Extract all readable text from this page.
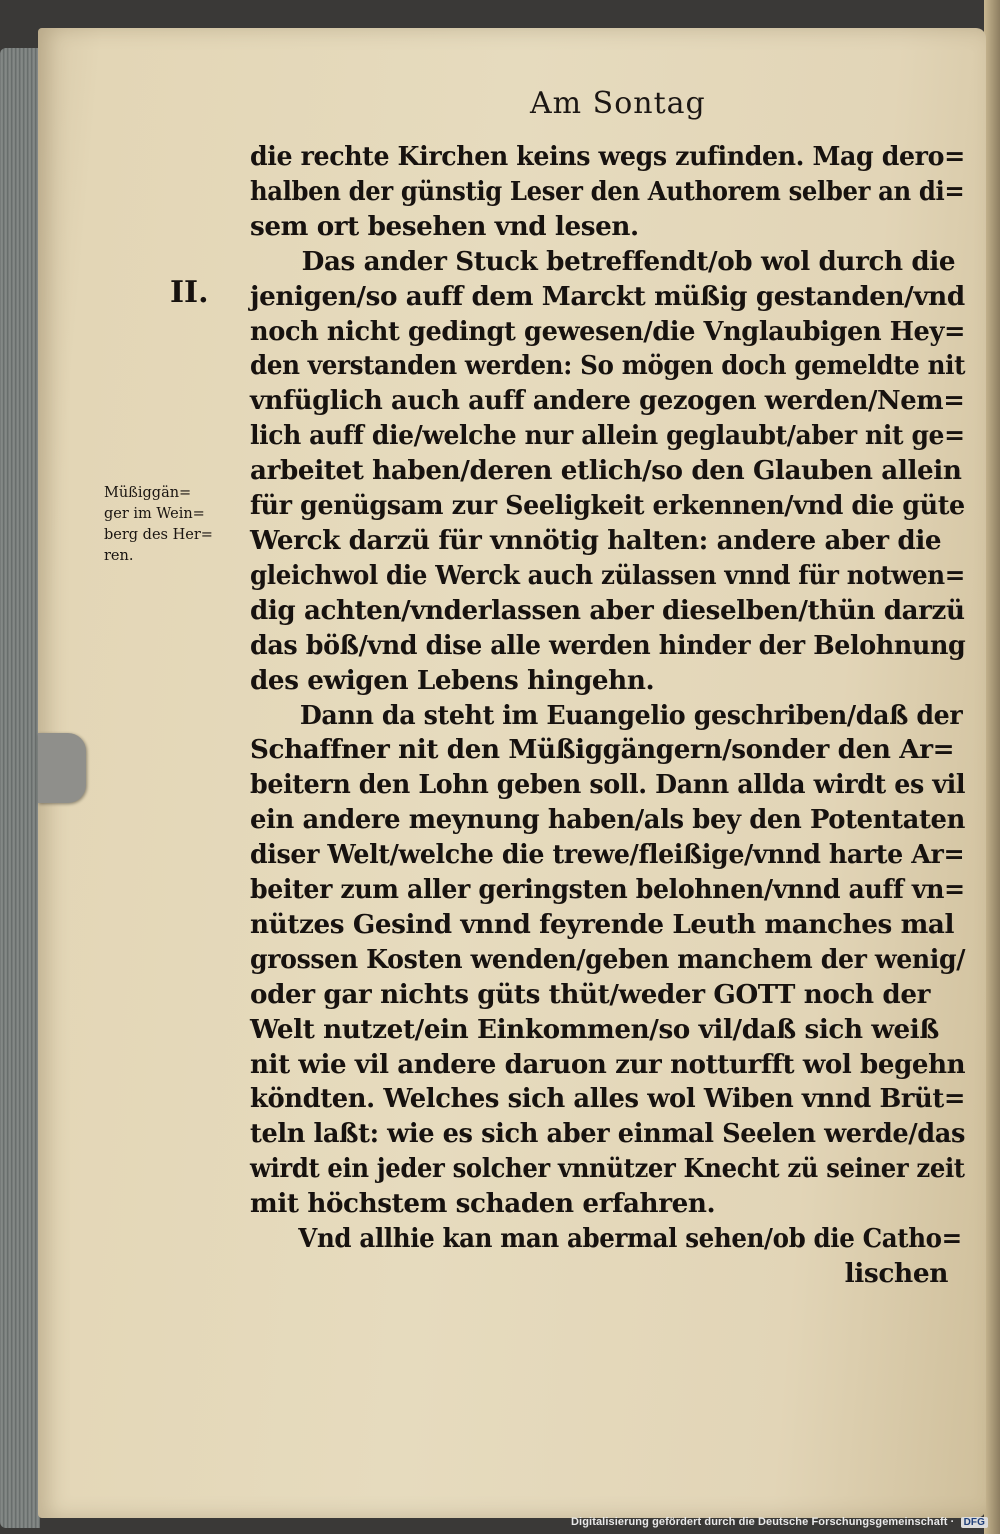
Am Sontag
II.
Müßiggän=
ger im Wein=
berg des Her=
ren.
die rechte Kirchen keins wegs zufinden. Mag dero=
halben der günstig Leser den Authorem selber an di=
sem ort besehen vnd lesen.
Das ander Stuck betreffendt/ob wol durch die
jenigen/so auff dem Marckt müßig gestanden/vnd
noch nicht gedingt gewesen/die Vnglaubigen Hey=
den verstanden werden: So mögen doch gemeldte nit
vnfüglich auch auff andere gezogen werden/Nem=
lich auff die/welche nur allein geglaubt/aber nit ge=
arbeitet haben/deren etlich/so den Glauben allein
für genügsam zur Seeligkeit erkennen/vnd die güte
Werck darzü für vnnötig halten: andere aber die
gleichwol die Werck auch zülassen vnnd für notwen=
dig achten/vnderlassen aber dieselben/thün darzü
das böß/vnd dise alle werden hinder der Belohnung
des ewigen Lebens hingehn.
Dann da steht im Euangelio geschriben/daß der
Schaffner nit den Müßiggängern/sonder den Ar=
beitern den Lohn geben soll. Dann allda wirdt es vil
ein andere meynung haben/als bey den Potentaten
diser Welt/welche die trewe/fleißige/vnnd harte Ar=
beiter zum aller geringsten belohnen/vnnd auff vn=
nützes Gesind vnnd feyrende Leuth manches mal
grossen Kosten wenden/geben manchem der wenig/
oder gar nichts güts thüt/weder GOTT noch der
Welt nutzet/ein Einkommen/so vil/daß sich weiß
nit wie vil andere daruon zur notturfft wol begehn
köndten. Welches sich alles wol Wiben vnnd Brüt=
teln laßt: wie es sich aber einmal Seelen werde/das
wirdt ein jeder solcher vnnützer Knecht zü seiner zeit
mit höchstem schaden erfahren.
Vnd allhie kan man abermal sehen/ob die Catho=
lischen
Digitalisierung gefördert durch die Deutsche Forschungsgemeinschaft · DFG
